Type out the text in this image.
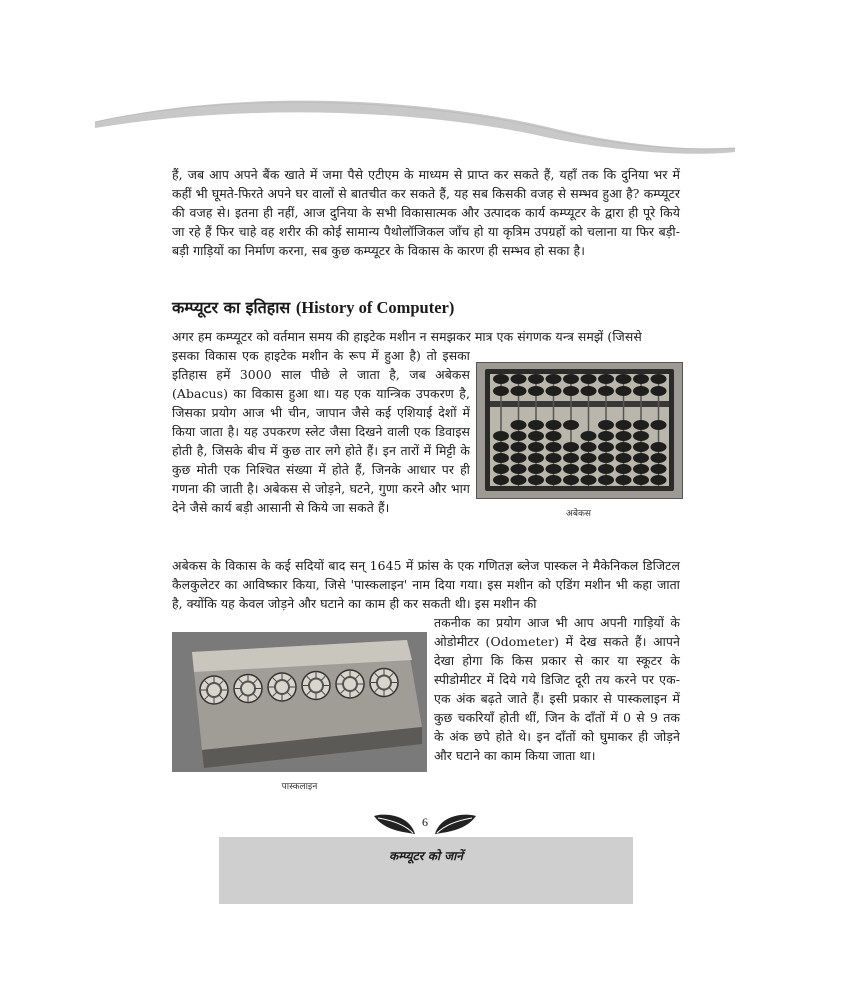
हैं, जब आप अपने बैंक खाते में जमा पैसे एटीएम के माध्यम से प्राप्त कर सकते हैं, यहाँ तक कि दुनिया भर में कहीं भी घूमते-फिरते अपने घर वालों से बातचीत कर सकते हैं, यह सब किसकी वजह से सम्भव हुआ है? कम्प्यूटर की वजह से। इतना ही नहीं, आज दुनिया के सभी विकासात्मक और उत्पादक कार्य कम्प्यूटर के द्वारा ही पूरे किये जा रहे हैं फिर चाहे वह शरीर की कोई सामान्य पैथोलॉजिकल जाँच हो या कृत्रिम उपग्रहों को चलाना या फिर बड़ी-बड़ी गाड़ियों का निर्माण करना, सब कुछ कम्प्यूटर के विकास के कारण ही सम्भव हो सका है।

कम्प्यूटर का इतिहास (History of Computer)

अगर हम कम्प्यूटर को वर्तमान समय की हाइटेक मशीन न समझकर मात्र एक संगणक यन्त्र समझें (जिससे

इसका विकास एक हाइटेक मशीन के रूप में हुआ है) तो इसका इतिहास हमें 3000 साल पीछे ले जाता है, जब अबेकस (Abacus) का विकास हुआ था। यह एक यान्त्रिक उपकरण है, जिसका प्रयोग आज भी चीन, जापान जैसे कई एशियाई देशों में किया जाता है। यह उपकरण स्लेट जैसा दिखने वाली एक डिवाइस होती है, जिसके बीच में कुछ तार लगे होते हैं। इन तारों में मिट्टी के कुछ मोती एक निश्चित संख्या में होते हैं, जिनके आधार पर ही गणना की जाती है। अबेकस से जोड़ने, घटने, गुणा करने और भाग देने जैसे कार्य बड़ी आसानी से किये जा सकते हैं।	अबेकस

अबेकस के विकास के कई सदियों बाद सन् 1645 में फ्रांस के एक गणितज्ञ ब्लेज पास्कल ने मैकेनिकल डिजिटल कैलकुलेटर का आविष्कार किया, जिसे 'पास्कलाइन' नाम दिया गया। इस मशीन को एडिंग मशीन भी कहा जाता है, क्योंकि यह केवल जोड़ने और घटाने का काम ही कर सकती थी। इस मशीन की

तकनीक का प्रयोग आज भी आप अपनी गाड़ियों के ओडोमीटर (Odometer) में देख सकते हैं। आपने देखा होगा कि किस प्रकार से कार या स्कूटर के स्पीडोमीटर में दिये गये डिजिट दूरी तय करने पर एक-एक अंक बढ़ते जाते हैं। इसी प्रकार से पास्कलाइन में कुछ चकरियाँ होती थीं, जिन के दाँतों में 0 से 9 तक के अंक छपे होते थे। इन दाँतों को घुमाकर ही जोड़ने और घटाने का काम किया जाता था।

पास्कलाइन

6

कम्प्यूटर को जानें
